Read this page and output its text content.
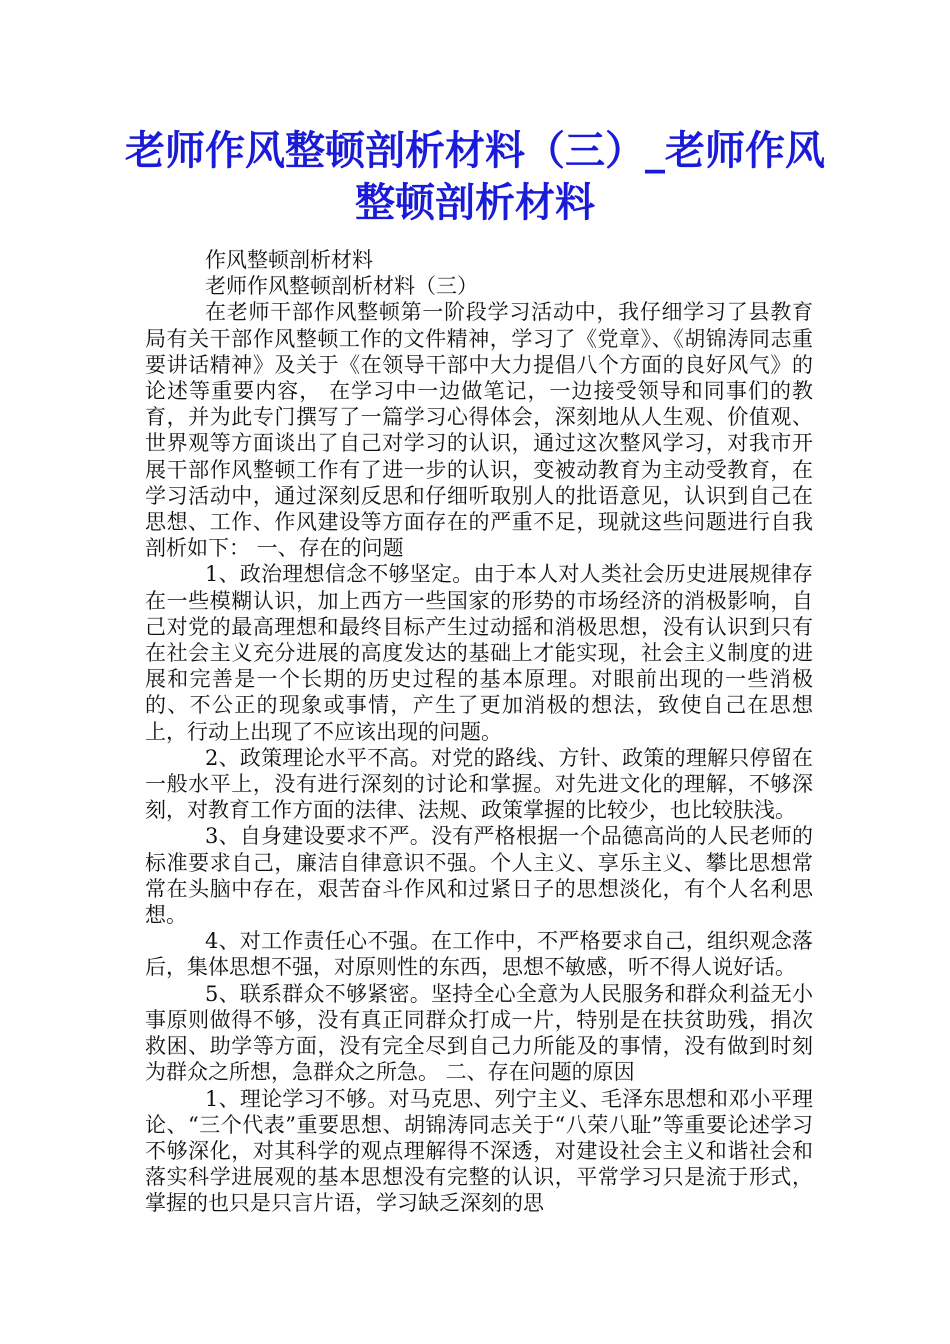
老师作风整顿剖析材料（三）_老师作风整顿剖析材料

作风整顿剖析材料

老师作风整顿剖析材料（三）

在老师干部作风整顿第一阶段学习活动中，我仔细学习了县教育局有关干部作风整顿工作的文件精神，学习了《党章》、《胡锦涛同志重要讲话精神》及关于《在领导干部中大力提倡八个方面的良好风气》的论述等重要内容， 在学习中一边做笔记，一边接受领导和同事们的教育，并为此专门撰写了一篇学习心得体会，深刻地从人生观、价值观、世界观等方面谈出了自己对学习的认识，通过这次整风学习，对我市开展干部作风整顿工作有了进一步的认识，变被动教育为主动受教育，在学习活动中，通过深刻反思和仔细听取别人的批语意见，认识到自己在思想、工作、作风建设等方面存在的严重不足，现就这些问题进行自我剖析如下： 一、存在的问题

1、政治理想信念不够坚定。由于本人对人类社会历史进展规律存在一些模糊认识，加上西方一些国家的形势的市场经济的消极影响，自己对党的最高理想和最终目标产生过动摇和消极思想，没有认识到只有在社会主义充分进展的高度发达的基础上才能实现，社会主义制度的进展和完善是一个长期的历史过程的基本原理。对眼前出现的一些消极的、不公正的现象或事情，产生了更加消极的想法，致使自己在思想上，行动上出现了不应该出现的问题。

2、政策理论水平不高。对党的路线、方针、政策的理解只停留在一般水平上，没有进行深刻的讨论和掌握。对先进文化的理解，不够深刻，对教育工作方面的法律、法规、政策掌握的比较少，也比较肤浅。

3、自身建设要求不严。没有严格根据一个品德高尚的人民老师的标准要求自己，廉洁自律意识不强。个人主义、享乐主义、攀比思想常常在头脑中存在，艰苦奋斗作风和过紧日子的思想淡化，有个人名利思想。

4、对工作责任心不强。在工作中，不严格要求自己，组织观念落后，集体思想不强，对原则性的东西，思想不敏感，听不得人说好话。

5、联系群众不够紧密。坚持全心全意为人民服务和群众利益无小事原则做得不够，没有真正同群众打成一片，特别是在扶贫助残，捐次救困、助学等方面，没有完全尽到自己力所能及的事情，没有做到时刻为群众之所想，急群众之所急。 二、存在问题的原因

1、理论学习不够。对马克思、列宁主义、毛泽东思想和邓小平理论、“三个代表”重要思想、胡锦涛同志关于“八荣八耻”等重要论述学习不够深化，对其科学的观点理解得不深透，对建设社会主义和谐社会和落实科学进展观的基本思想没有完整的认识，平常学习只是流于形式，掌握的也只是只言片语，学习缺乏深刻的思
